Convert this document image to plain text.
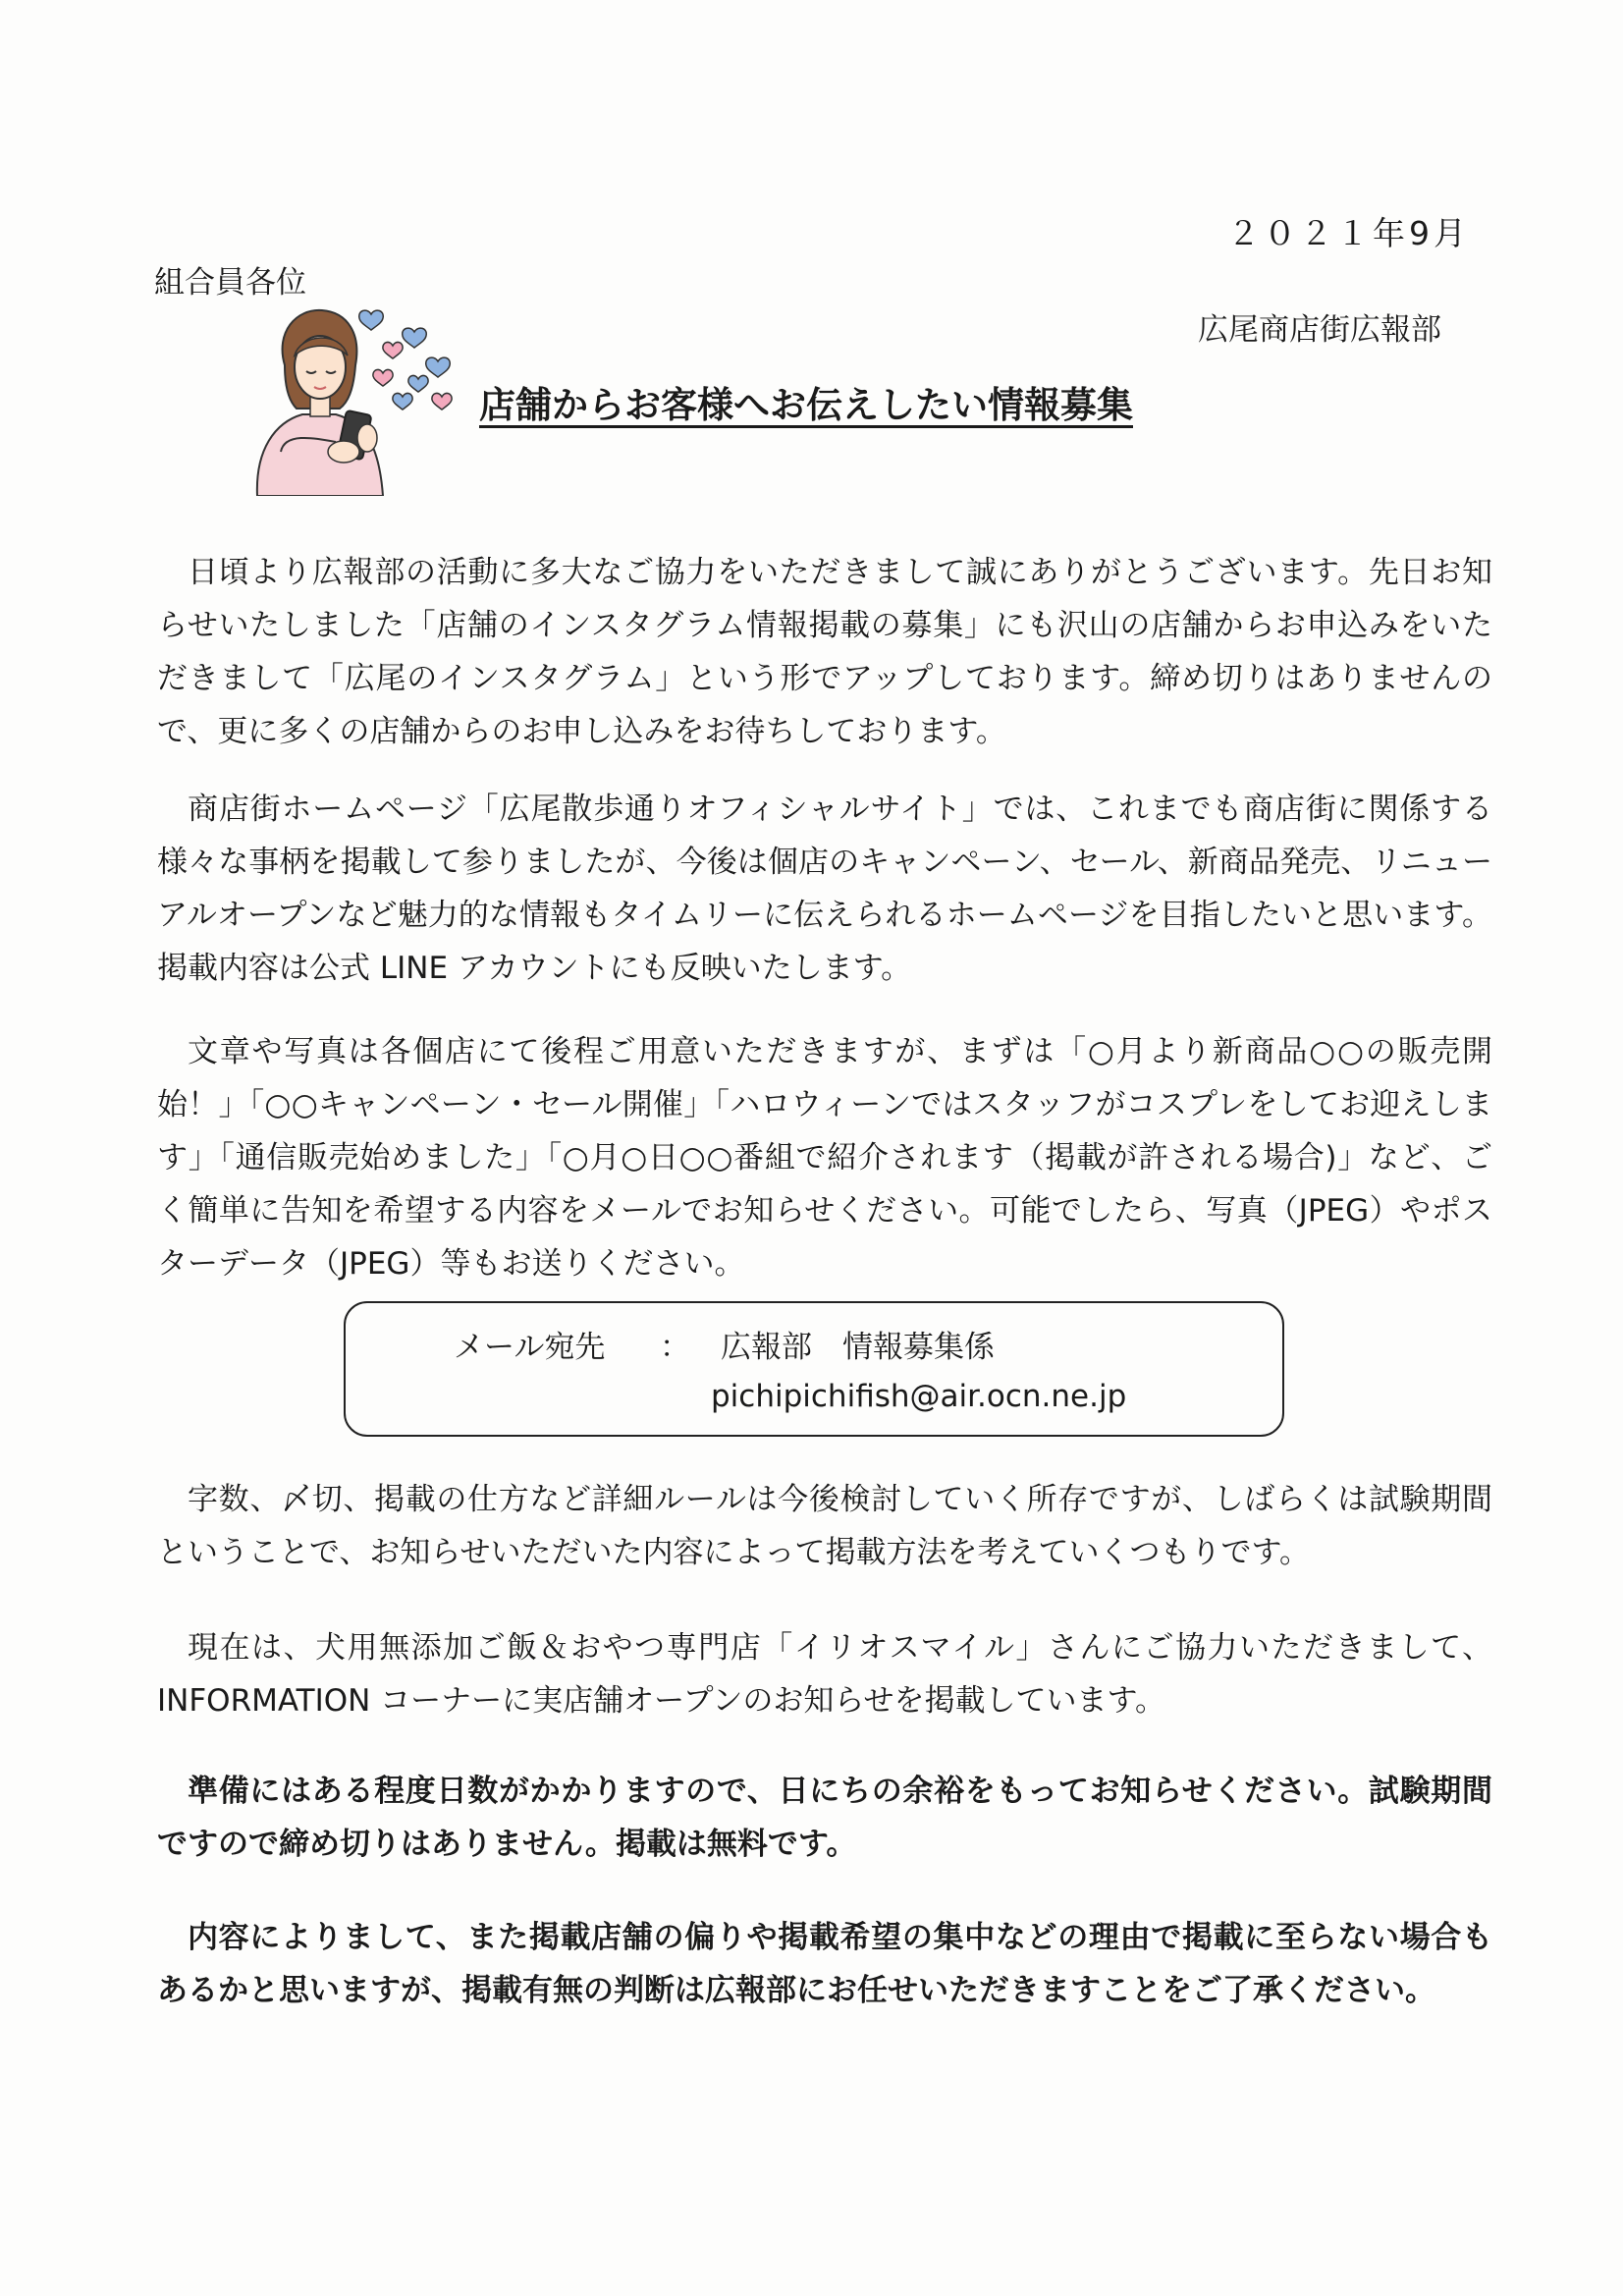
２０２１年9月
組合員各位
広尾商店街広報部
店舗からお客様へお伝えしたい情報募集

日頃より広報部の活動に多大なご協力をいただきまして誠にありがとうございます。先日お知らせいたしました「店舗のインスタグラム情報掲載の募集」にも沢山の店舗からお申込みをいただきまして「広尾のインスタグラム」という形でアップしております。締め切りはありませんので、更に多くの店舗からのお申し込みをお待ちしております。

商店街ホームページ「広尾散歩通りオフィシャルサイト」では、これまでも商店街に関係する様々な事柄を掲載して参りましたが、今後は個店のキャンペーン、セール、新商品発売、リニューアルオープンなど魅力的な情報もタイムリーに伝えられるホームページを目指したいと思います。掲載内容は公式 LINE アカウントにも反映いたします。

文章や写真は各個店にて後程ご用意いただきますが、まずは「○月より新商品○○の販売開始！」「○○キャンペーン・セール開催」「ハロウィーンではスタッフがコスプレをしてお迎えします」「通信販売始めました」「○月○日○○番組で紹介されます（掲載が許される場合)」など、ごく簡単に告知を希望する内容をメールでお知らせください。可能でしたら、写真（JPEG）やポスターデータ（JPEG）等もお送りください。

メール宛先 ： 広報部　情報募集係
pichipichifish@air.ocn.ne.jp

字数、〆切、掲載の仕方など詳細ルールは今後検討していく所存ですが、しばらくは試験期間ということで、お知らせいただいた内容によって掲載方法を考えていくつもりです。

現在は、犬用無添加ご飯＆おやつ専門店「イリオスマイル」さんにご協力いただきまして、INFORMATION コーナーに実店舗オープンのお知らせを掲載しています。

準備にはある程度日数がかかりますので、日にちの余裕をもってお知らせください。試験期間ですので締め切りはありません。掲載は無料です。

内容によりまして、また掲載店舗の偏りや掲載希望の集中などの理由で掲載に至らない場合もあるかと思いますが、掲載有無の判断は広報部にお任せいただきますことをご了承ください。
